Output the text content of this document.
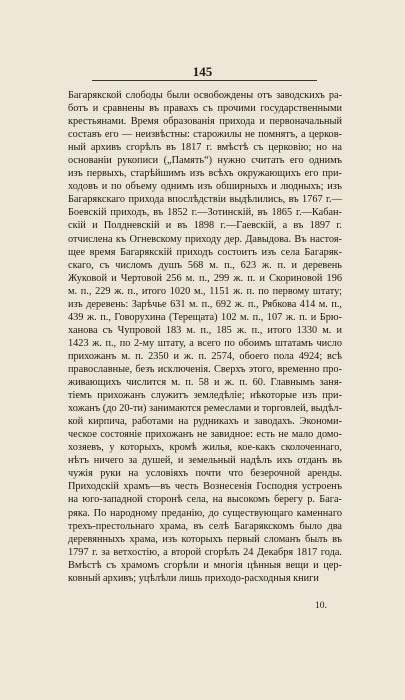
145
Багарякской слободы были освобождены отъ заводскихъ ра-
ботъ и сравнены въ правахъ съ прочими государственными
крестьянами. Время образованія прихода и первоначальный
составъ его — неизвѣстны: старожилы не помнятъ, а церков-
ный архивъ сгорѣлъ въ 1817 г. вмѣстѣ съ церковію; но на
основаніи рукописи („Память“) нужно считать его однимъ
изъ первыхъ, старѣйшимъ изъ всѣхъ окружающихъ его при-
ходовъ и по объему однимъ изъ обширныхъ и людныхъ; изъ
Багарякскаго прихода впослѣдствіи выдѣлились, въ 1767 г.—
Боевскій приходъ, въ 1852 г.—Зотинскій, въ 1865 г.—Кабан-
скій и Полдневскій и въ 1898 г.—Гаевскій, а въ 1897 г.
отчислена къ Огневскому приходу дер. Давыдова. Въ настоя-
щее время Багарякскій приходъ состоитъ изъ села Багаряк-
скаго, съ числомъ душъ 568 м. п., 623 ж. п. и деревень
Жуковой и Чертовой 256 м. п., 299 ж. п. и Скориновой 196
м. п., 229 ж. п., итого 1020 м., 1151 ж. п. по первому штату;
изъ деревень: Зарѣчье 631 м. п., 692 ж. п., Рябкова 414 м. п.,
439 ж. п., Говорухина (Терещата) 102 м. п., 107 ж. п. и Брю-
ханова съ Чупровой 183 м. п., 185 ж. п., итого 1330 м. и
1423 ж. п., по 2-му штату, а всего по обоимъ штатамъ число
прихожанъ м. п. 2350 и ж. п. 2574, обоего пола 4924; всѣ
православные, безъ исключенія. Сверхъ этого, временно про-
живающихъ числится м. п. 58 и ж. п. 60. Главнымъ заня-
тіемъ прихожанъ служитъ земледѣліе; нѣкоторые изъ при-
хожанъ (до 20-ти) занимаются ремеслами и торговлей, выдѣл-
кой кирпича, работами на рудникахъ и заводахъ. Экономи-
ческое состояніе прихожанъ не завидное: есть не мало домо-
хозяевъ, у которыхъ, кромѣ жилья, кое-какъ сколоченнаго,
нѣтъ ничего за душей, и земельный надѣлъ ихъ отданъ въ
чужія руки на условіяхъ почти что безерочной аренды.
Приходскій храмъ—въ честь Вознесенія Господня устроенъ
на юго-западной сторонѣ села, на высокомъ берегу р. Бага-
ряка. По народному преданію, до существующаго каменнаго
трехъ-престольнаго храма, въ селѣ Багарякскомъ было два
деревянныхъ храма, изъ которыхъ первый сломанъ былъ въ
1797 г. за ветхостію, а второй сгорѣлъ 24 Декабря 1817 года.
Вмѣстѣ съ храмомъ сгорѣли и многія цѣнныя вещи и цер-
ковный архивъ; уцѣлѣли лишь приходо-расходныя книги
10.
